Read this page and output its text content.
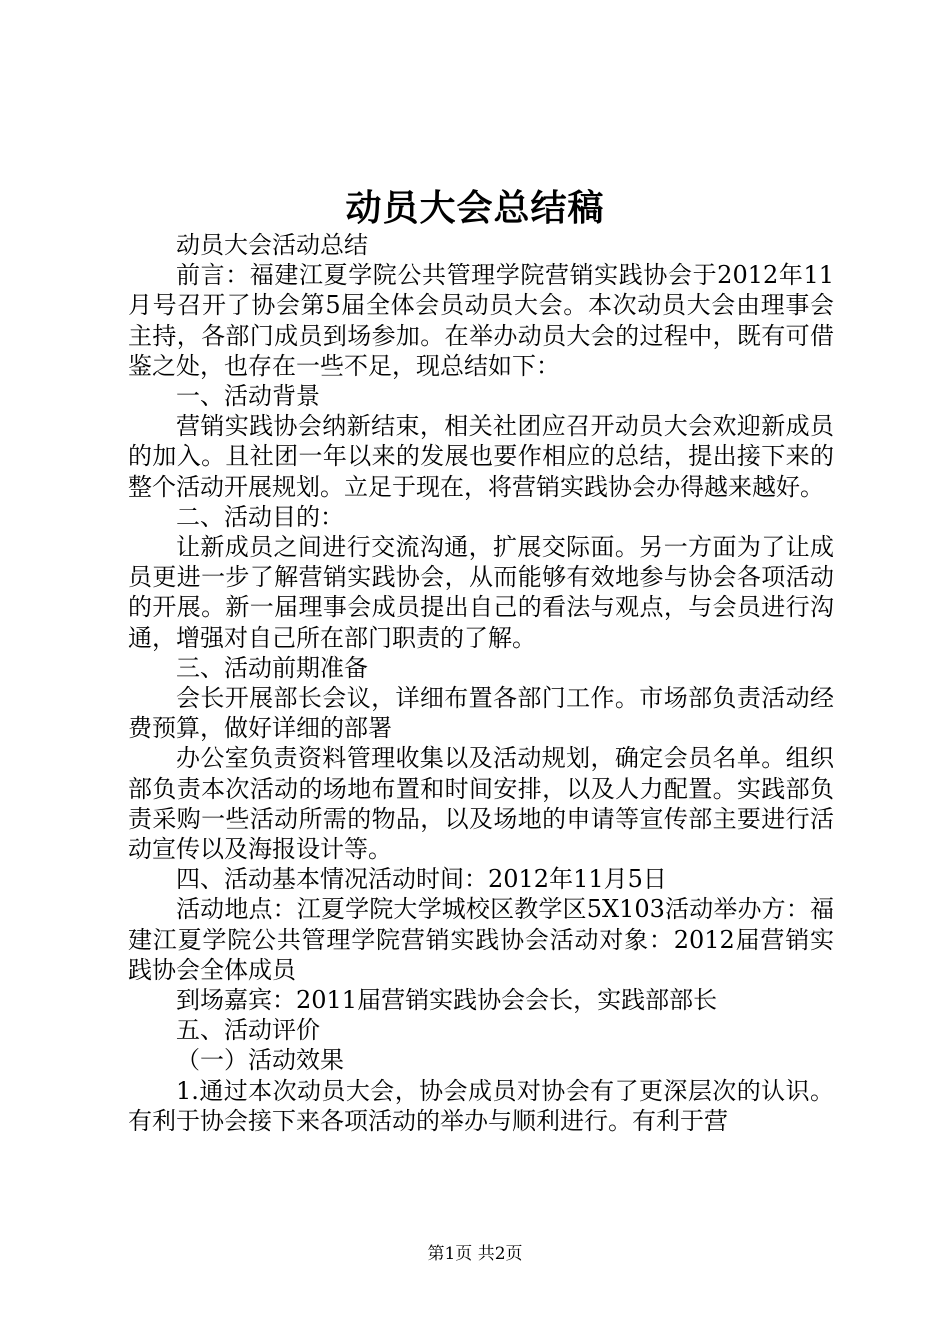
动员大会总结稿

动员大会活动总结

前言：福建江夏学院公共管理学院营销实践协会于2012年11月号召开了协会第5届全体会员动员大会。本次动员大会由理事会主持，各部门成员到场参加。在举办动员大会的过程中，既有可借鉴之处，也存在一些不足，现总结如下：

一、活动背景

营销实践协会纳新结束，相关社团应召开动员大会欢迎新成员的加入。且社团一年以来的发展也要作相应的总结，提出接下来的整个活动开展规划。立足于现在，将营销实践协会办得越来越好。

二、活动目的：

让新成员之间进行交流沟通，扩展交际面。另一方面为了让成员更进一步了解营销实践协会，从而能够有效地参与协会各项活动的开展。新一届理事会成员提出自己的看法与观点，与会员进行沟通，增强对自己所在部门职责的了解。

三、活动前期准备

会长开展部长会议，详细布置各部门工作。市场部负责活动经费预算，做好详细的部署

办公室负责资料管理收集以及活动规划，确定会员名单。组织部负责本次活动的场地布置和时间安排，以及人力配置。实践部负责采购一些活动所需的物品，以及场地的申请等宣传部主要进行活动宣传以及海报设计等。

四、活动基本情况活动时间：2012年11月5日

活动地点：江夏学院大学城校区教学区5X103活动举办方：福建江夏学院公共管理学院营销实践协会活动对象：2012届营销实践协会全体成员

到场嘉宾：2011届营销实践协会会长，实践部部长

五、活动评价

（一）活动效果

1.通过本次动员大会，协会成员对协会有了更深层次的认识。有利于协会接下来各项活动的举办与顺利进行。有利于营

第1页 共2页
